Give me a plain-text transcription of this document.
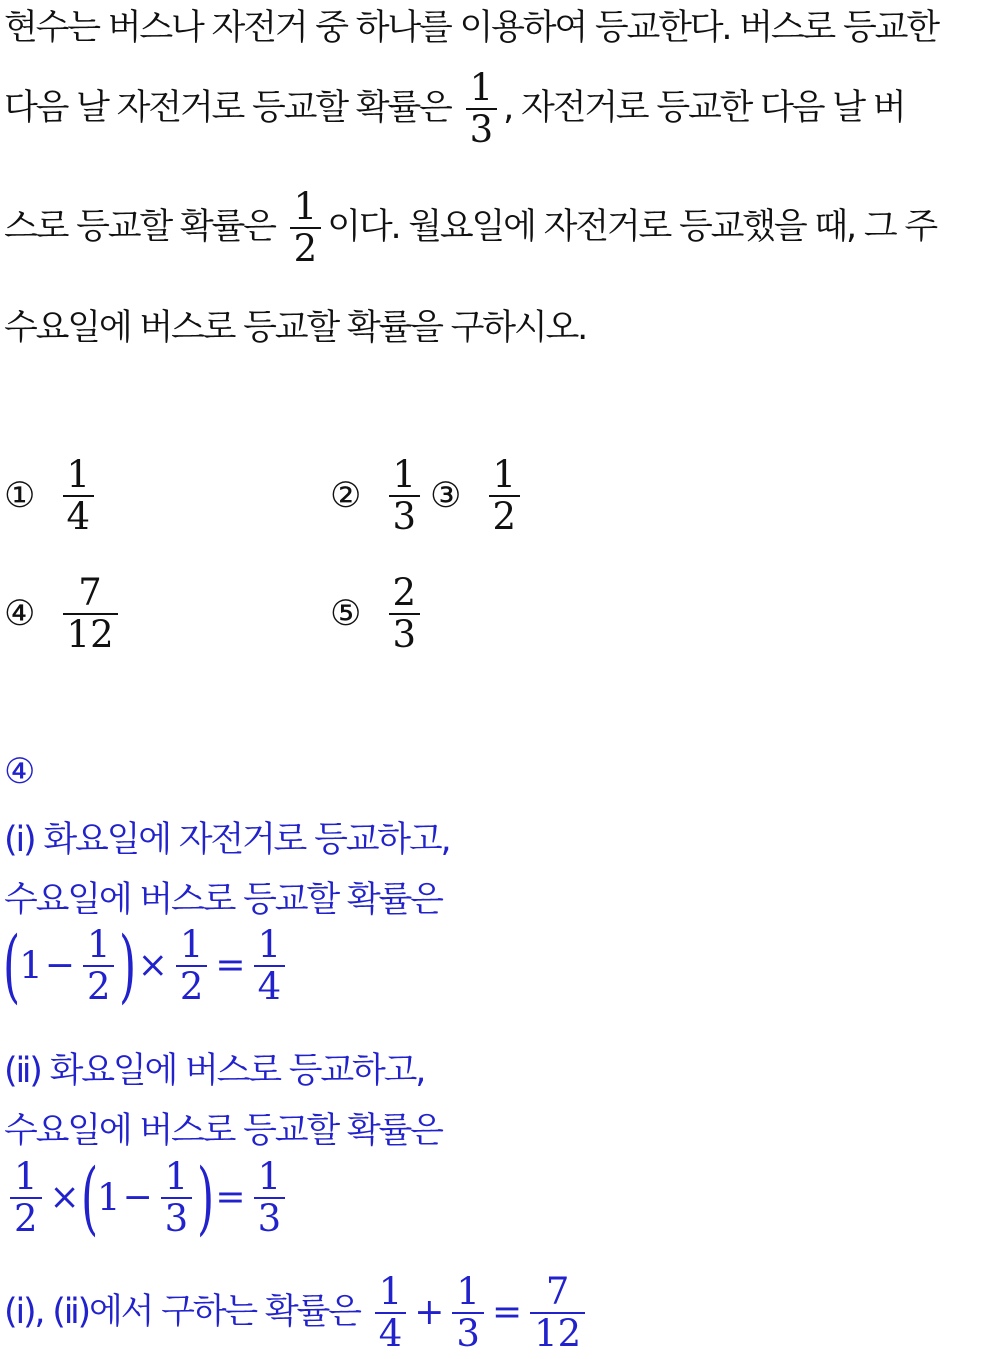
현수는 버스나 자전거 중 하나를 이용하여 등교한다. 버스로 등교한
다음 날 자전거로 등교할 확률은 $\frac{1}{3}$ , 자전거로 등교한 다음 날 버
스로 등교할 확률은 $\frac{1}{2}$ 이다. 월요일에 자전거로 등교했을 때, 그 주
수요일에 버스로 등교할 확률을 구하시오.
① $\frac{1}{4}$	② $\frac{1}{3}$ ③ $\frac{1}{2}$
④ $\frac{7}{12}$	⑤ $\frac{2}{3}$
④
(ⅰ) 화요일에 자전거로 등교하고,
수요일에 버스로 등교할 확률은
($1- \frac{1}{2}$ )× $\frac{1}{2} = \frac{1}{4}$
(ⅱ) 화요일에 버스로 등교하고,
수요일에 버스로 등교할 확률은
$\frac{1}{2} \times(1- \frac{1}{3}$ )= $\frac{1}{3}$
(ⅰ), (ⅱ)에서 구하는 확률은 $\frac{1}{4} + \frac{1}{3} = \frac{7}{12}$
